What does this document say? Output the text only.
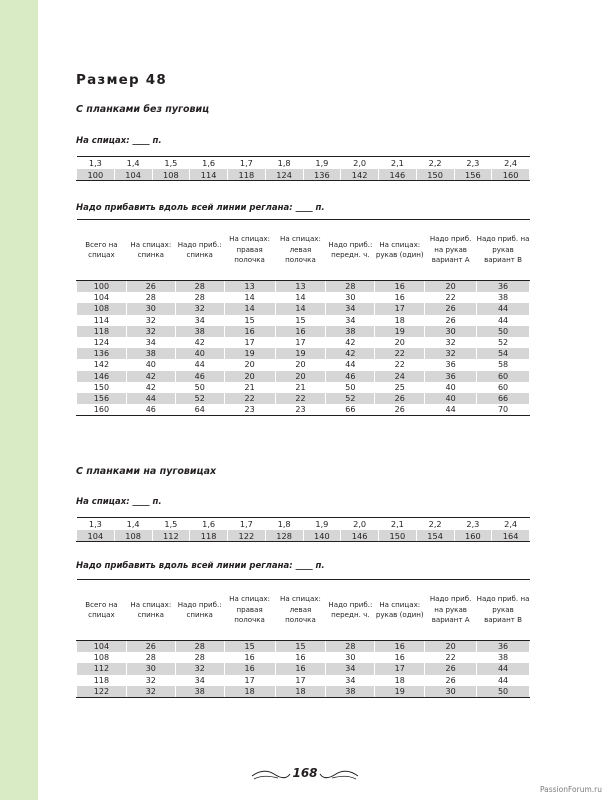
Размер 48
С планками без пуговиц
На спицах: ____ п.
1,3	1,4	1,5	1,6	1,7	1,8	1,9	2,0	2,1	2,2	2,3	2,4
100	104	108	114	118	124	136	142	146	150	156	160
Надо прибавить вдоль всей линии реглана: ____ п.
Всего на спицах	На спицах: спинка	Надо приб.: спинка	На спицах: правая полочка	На спицах: левая полочка	Надо приб.: передн. ч.	На спицах: рукав (один)	Надо приб. на рукав вариант А	Надо приб. на рукав вариант В
100	26	28	13	13	28	16	20	36
104	28	28	14	14	30	16	22	38
108	30	32	14	14	34	17	26	44
114	32	34	15	15	34	18	26	44
118	32	38	16	16	38	19	30	50
124	34	42	17	17	42	20	32	52
136	38	40	19	19	42	22	32	54
142	40	44	20	20	44	22	36	58
146	42	46	20	20	46	24	36	60
150	42	50	21	21	50	25	40	60
156	44	52	22	22	52	26	40	66
160	46	64	23	23	66	26	44	70
С планками на пуговицах
На спицах: ____ п.
1,3	1,4	1,5	1,6	1,7	1,8	1,9	2,0	2,1	2,2	2,3	2,4
104	108	112	118	122	128	140	146	150	154	160	164
Надо прибавить вдоль всей линии реглана: ____ п.
Всего на спицах	На спицах: спинка	Надо приб.: спинка	На спицах: правая полочка	На спицах: левая полочка	Надо приб.: передн. ч.	На спицах: рукав (один)	Надо приб. на рукав вариант А	Надо приб. на рукав вариант В
104	26	28	15	15	28	16	20	36
108	28	28	16	16	30	16	22	38
112	30	32	16	16	34	17	26	44
118	32	34	17	17	34	18	26	44
122	32	38	18	18	38	19	30	50
168
PassionForum.ru
